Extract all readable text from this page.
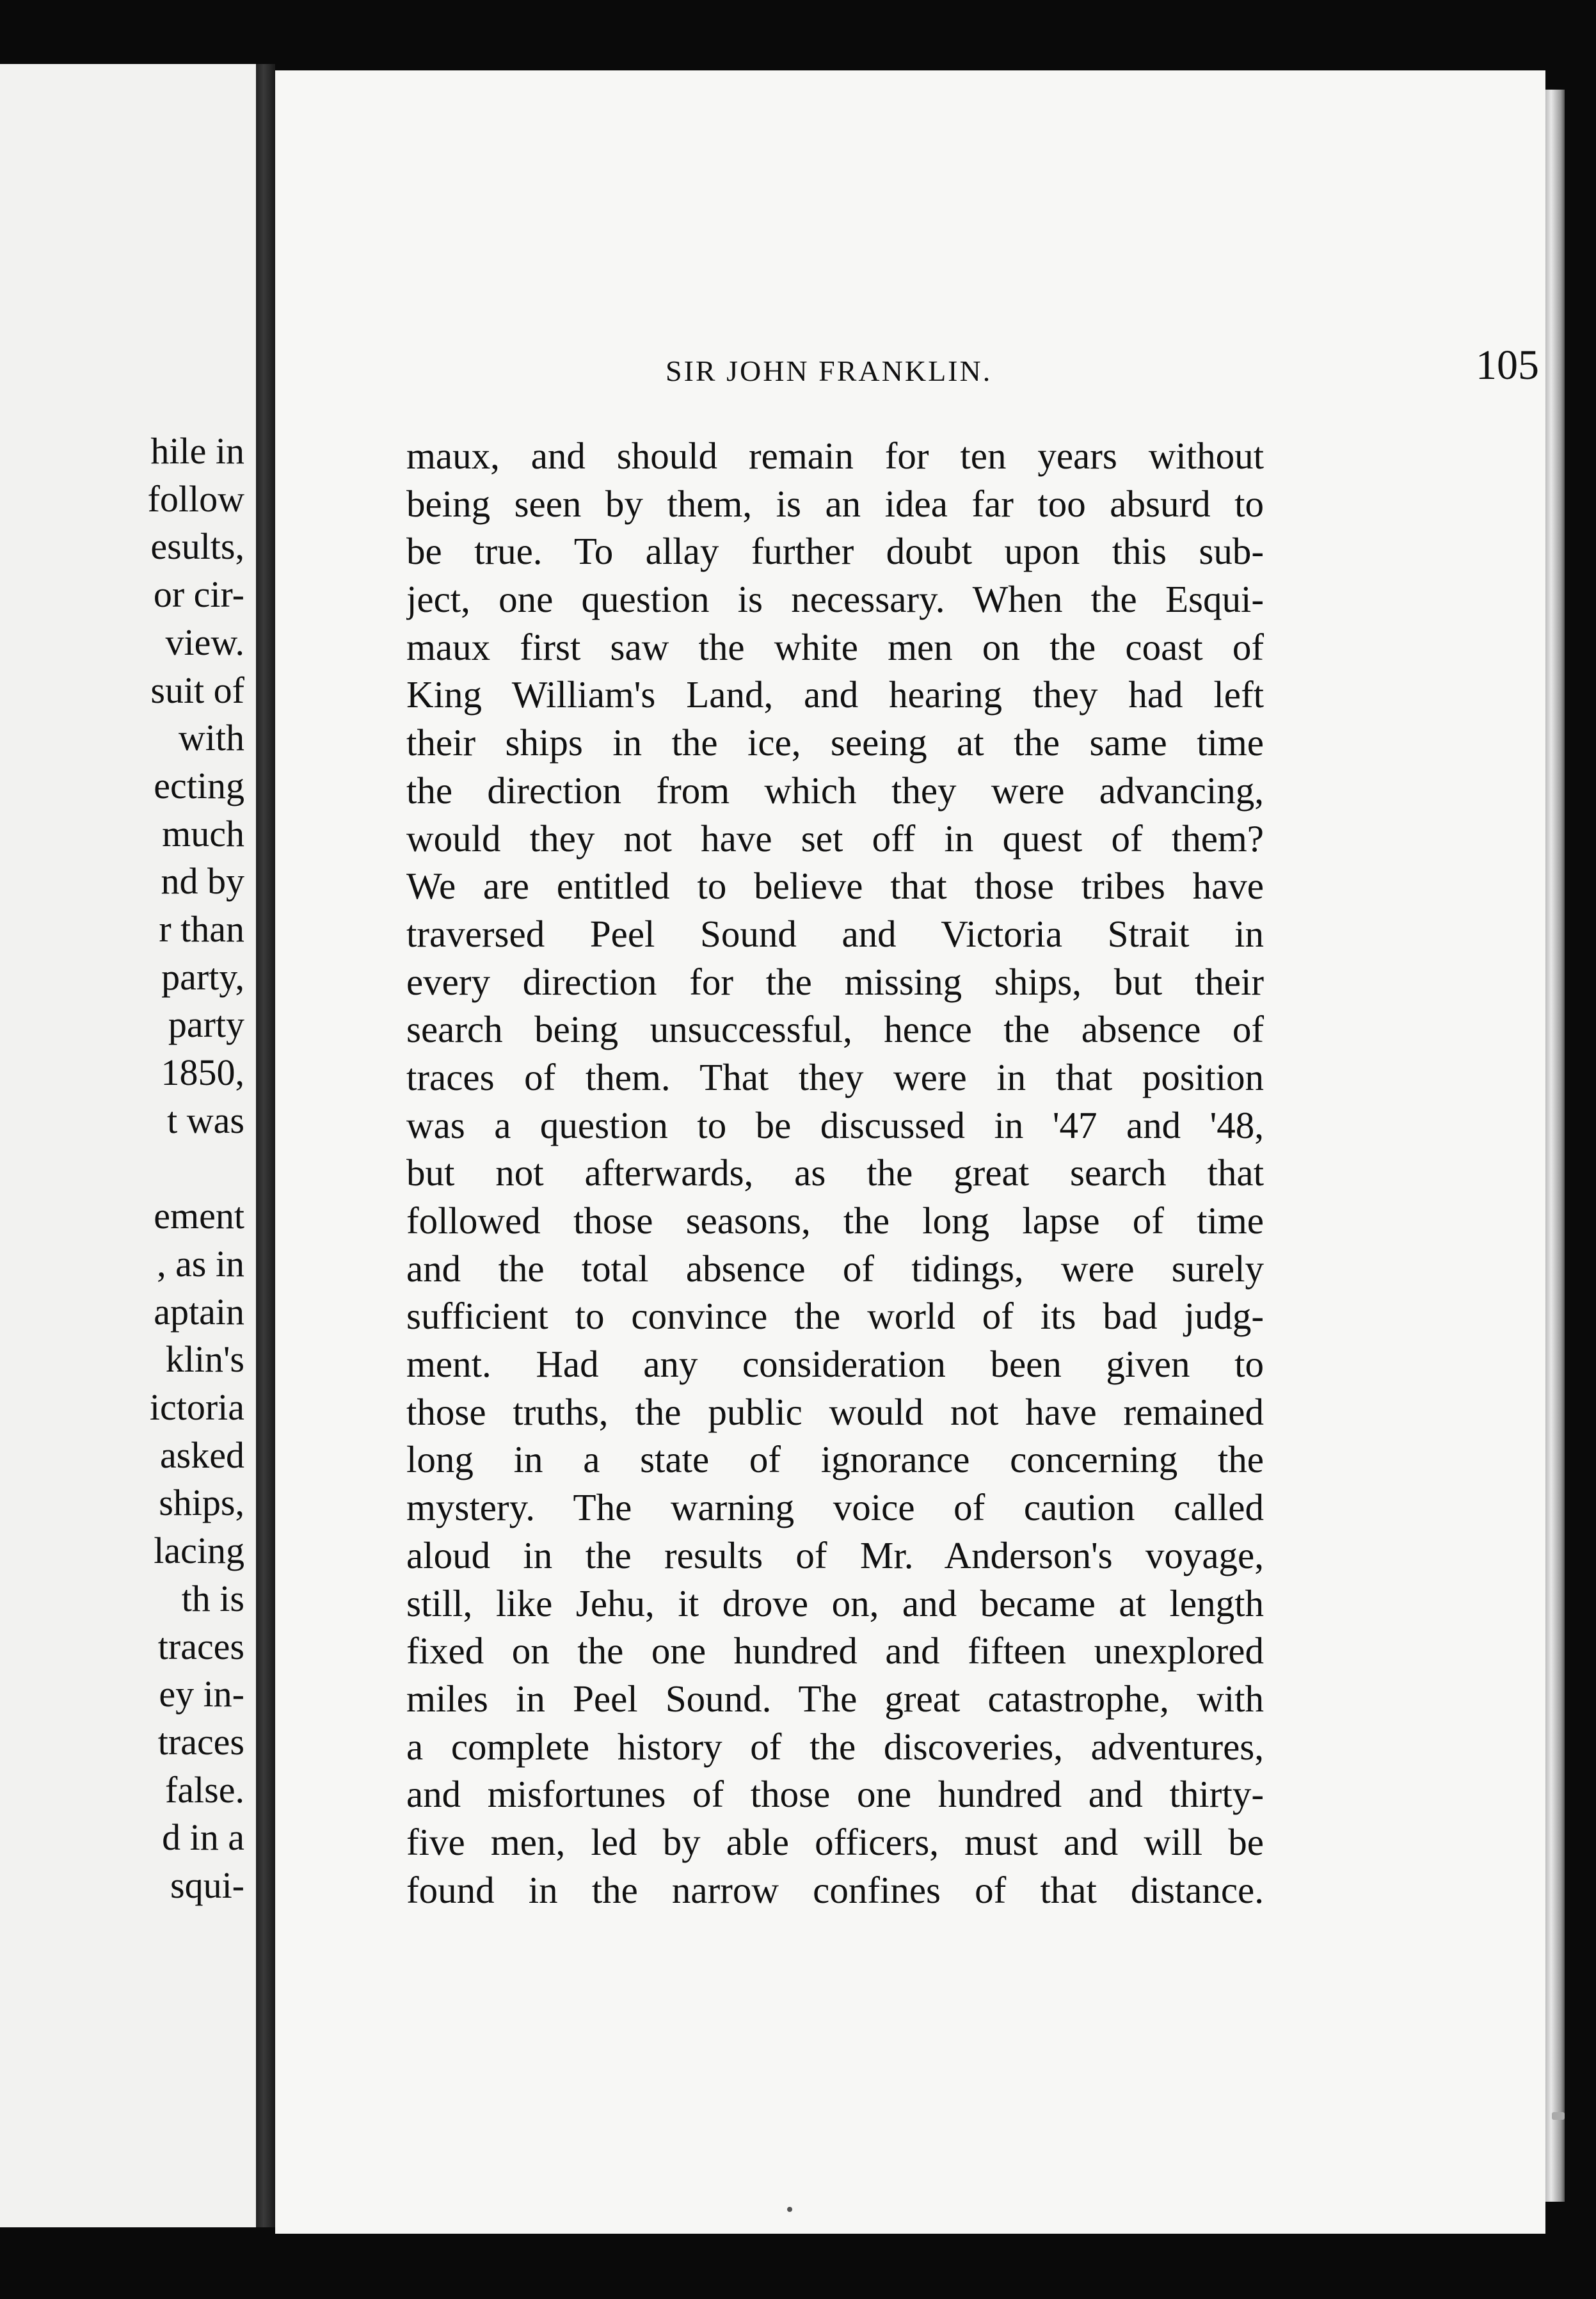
hile in
follow
esults,
or cir-
view.
suit of
with
ecting
much
nd by
r than
party,
party
1850,
t was

ement
, as in
aptain
klin's
ictoria
asked
ships,
lacing
th is
traces
ey in-
traces
false.
d in a
squi-
SIR JOHN FRANKLIN.	105
maux, and should remain for ten years without
being seen by them, is an idea far too absurd to
be true. To allay further doubt upon this sub-
ject, one question is necessary. When the Esqui-
maux first saw the white men on the coast of
King William's Land, and hearing they had left
their ships in the ice, seeing at the same time
the direction from which they were advancing,
would they not have set off in quest of them?
We are entitled to believe that those tribes have
traversed Peel Sound and Victoria Strait in
every direction for the missing ships, but their
search being unsuccessful, hence the absence of
traces of them. That they were in that position
was a question to be discussed in '47 and '48,
but not afterwards, as the great search that
followed those seasons, the long lapse of time
and the total absence of tidings, were surely
sufficient to convince the world of its bad judg-
ment. Had any consideration been given to
those truths, the public would not have remained
long in a state of ignorance concerning the
mystery. The warning voice of caution called
aloud in the results of Mr. Anderson's voyage,
still, like Jehu, it drove on, and became at length
fixed on the one hundred and fifteen unexplored
miles in Peel Sound. The great catastrophe, with
a complete history of the discoveries, adventures,
and misfortunes of those one hundred and thirty-
five men, led by able officers, must and will be
found in the narrow confines of that distance.
